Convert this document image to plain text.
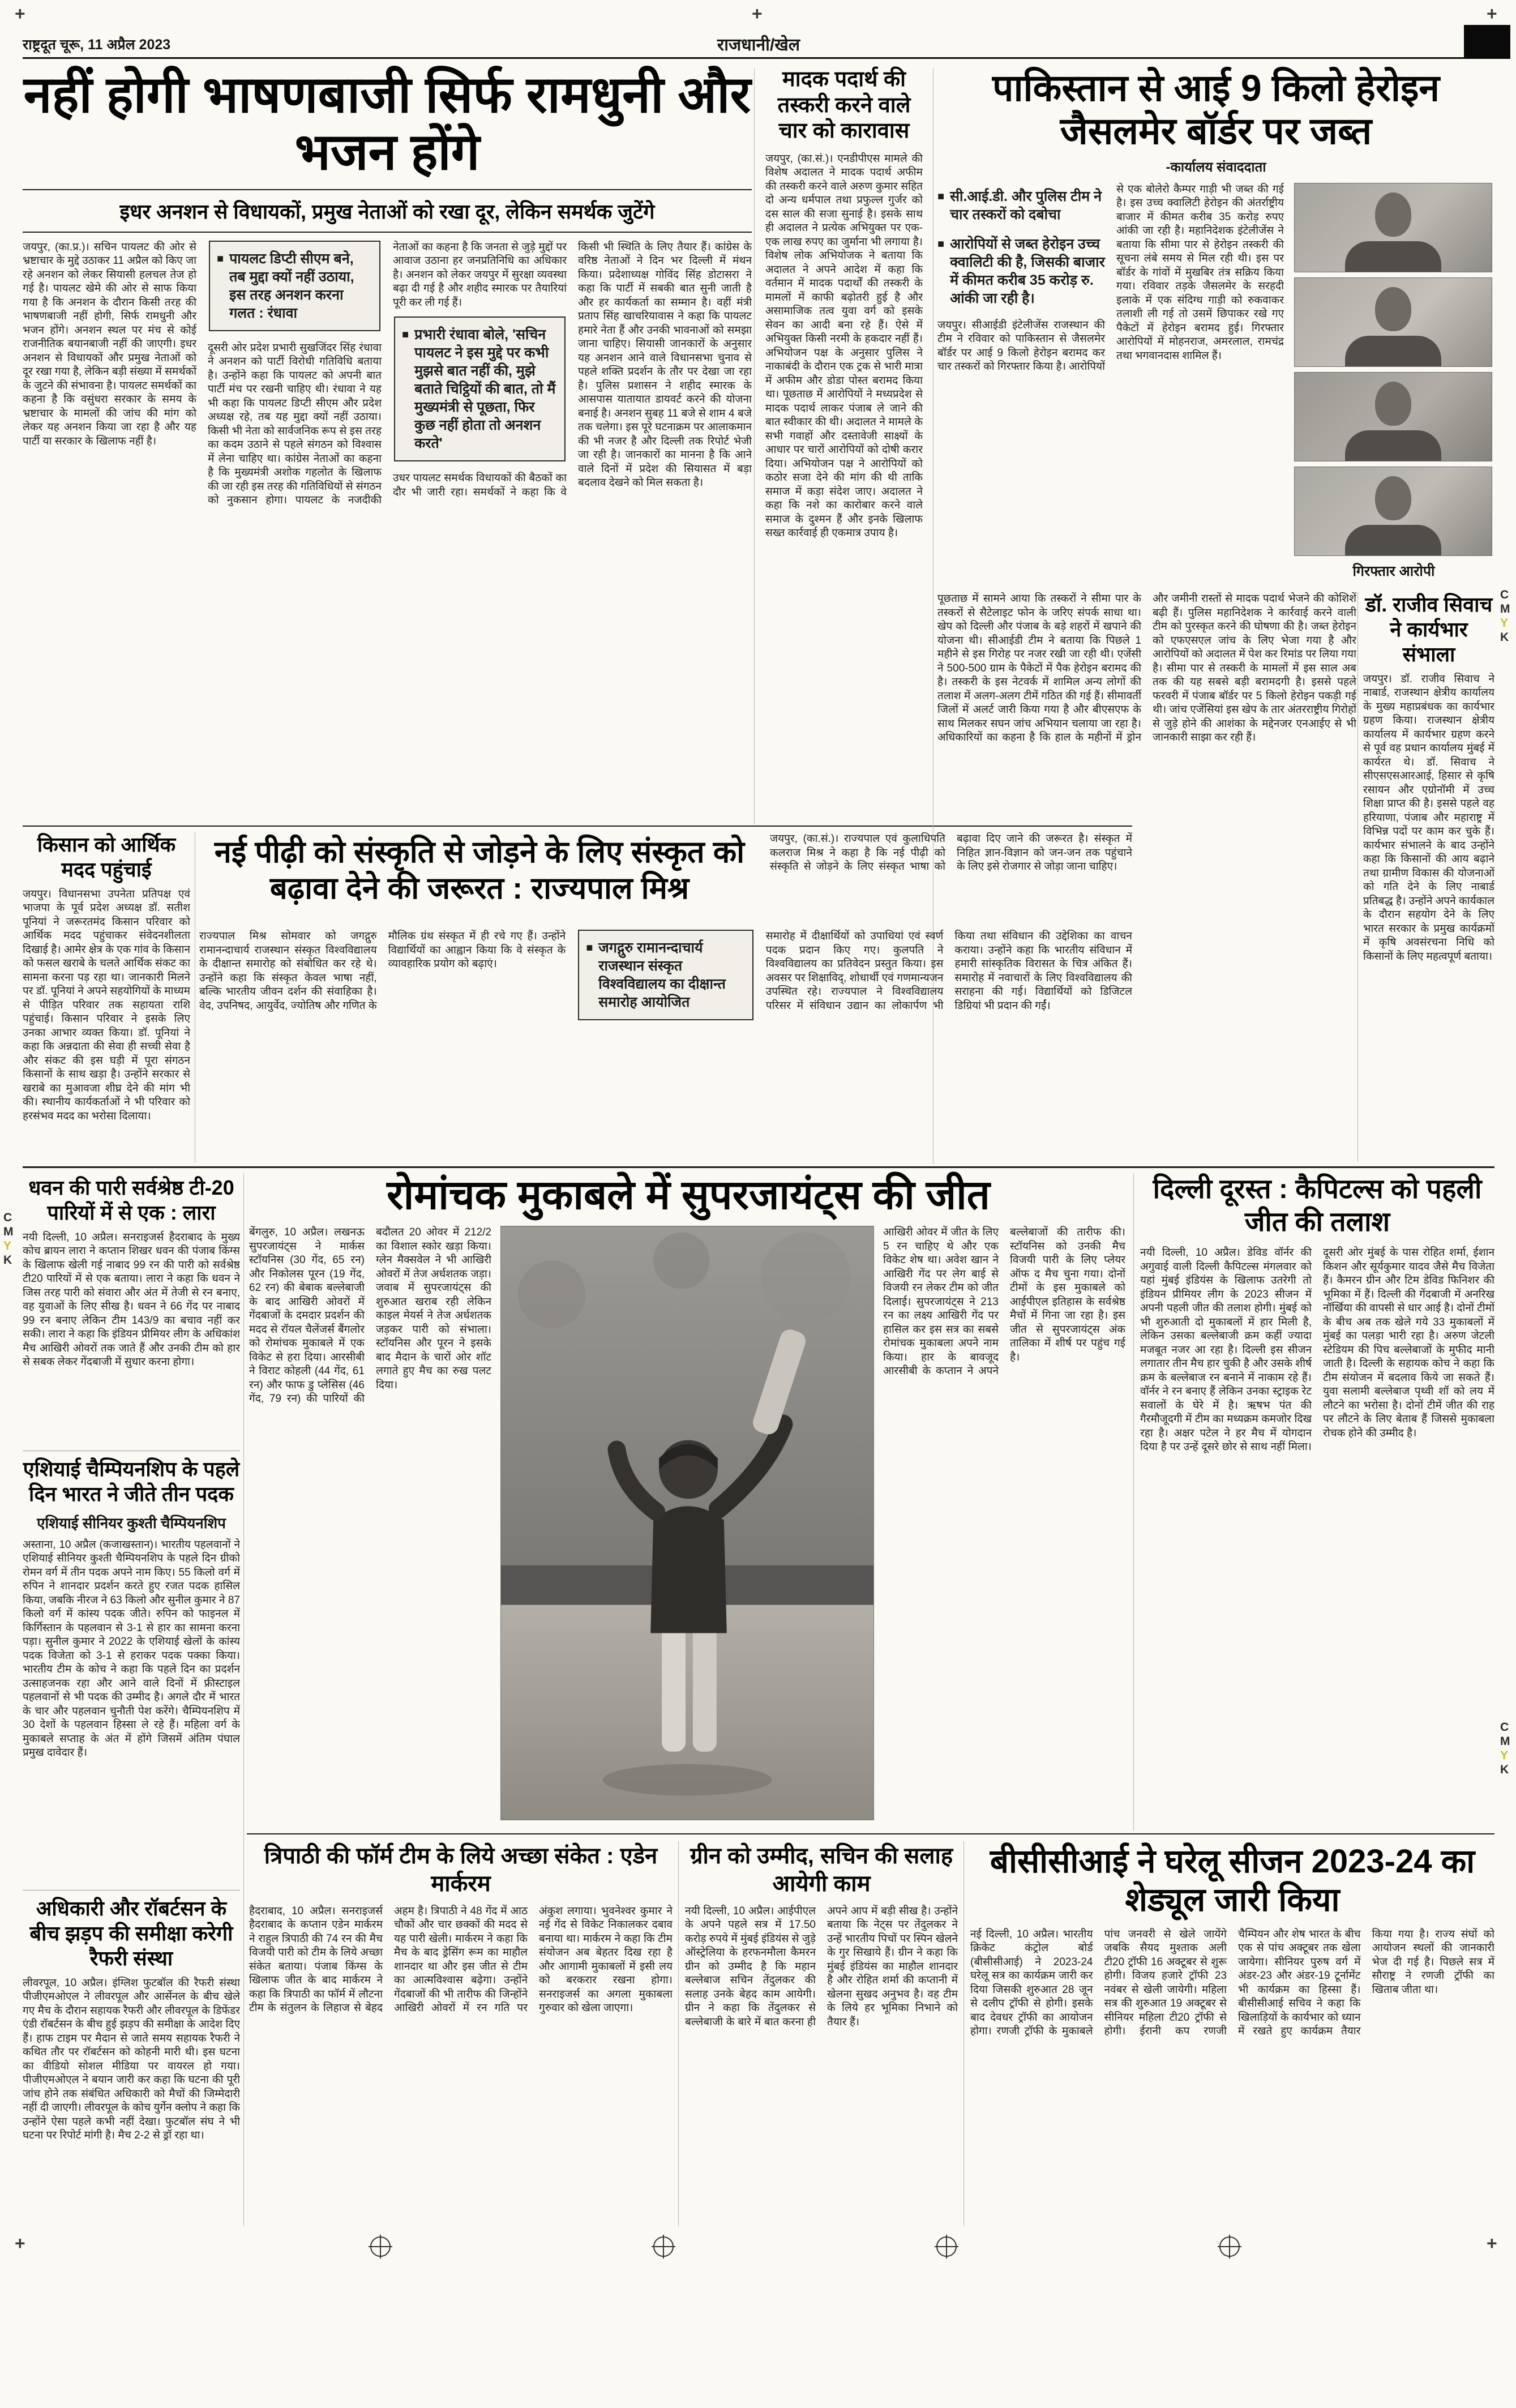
+	+	+
+	+
C
M
Y
K
C
M
Y
K
C
M
Y
K
राष्ट्रदूत चूरू, 11 अप्रैल 2023	राजधानी/खेल
नहीं होगी भाषणबाजी सिर्फ रामधुनी और भजन होंगे
इधर अनशन से विधायकों, प्रमुख नेताओं को रखा दूर, लेकिन समर्थक जुटेंगे

जयपुर, (का.प्र.)। सचिन पायलट की ओर से भ्रष्टाचार के मुद्दे उठाकर 11 अप्रैल को किए जा रहे अनशन को लेकर सियासी हलचल तेज हो गई है। पायलट खेमे की ओर से साफ किया गया है कि अनशन के दौरान किसी तरह की भाषणबाजी नहीं होगी, सिर्फ रामधुनी और भजन होंगे। अनशन स्थल पर मंच से कोई राजनीतिक बयानबाजी नहीं की जाएगी। इधर अनशन से विधायकों और प्रमुख नेताओं को दूर रखा गया है, लेकिन बड़ी संख्या में समर्थकों के जुटने की संभावना है। पायलट समर्थकों का कहना है कि वसुंधरा सरकार के समय के भ्रष्टाचार के मामलों की जांच की मांग को लेकर यह अनशन किया जा रहा है और यह पार्टी या सरकार के खिलाफ नहीं है।

■ पायलट डिप्टी सीएम बने, तब मुद्दा क्यों नहीं उठाया, इस तरह अनशन करना गलत : रंधावा

दूसरी ओर प्रदेश प्रभारी सुखजिंदर सिंह रंधावा ने अनशन को पार्टी विरोधी गतिविधि बताया है। उन्होंने कहा कि पायलट को अपनी बात पार्टी मंच पर रखनी चाहिए थी। रंधावा ने यह भी कहा कि पायलट डिप्टी सीएम और प्रदेश अध्यक्ष रहे, तब यह मुद्दा क्यों नहीं उठाया। किसी भी नेता को सार्वजनिक रूप से इस तरह का कदम उठाने से पहले संगठन को विश्वास में लेना चाहिए था। कांग्रेस नेताओं का कहना है कि मुख्यमंत्री अशोक गहलोत के खिलाफ की जा रही इस तरह की गतिविधियों से संगठन को नुकसान होगा। पायलट के नजदीकी नेताओं का कहना है कि जनता से जुड़े मुद्दों पर आवाज उठाना हर जनप्रतिनिधि का अधिकार है। अनशन को लेकर जयपुर में सुरक्षा व्यवस्था बढ़ा दी गई है और शहीद स्मारक पर तैयारियां पूरी कर ली गई हैं।

■ प्रभारी रंधावा बोले, 'सचिन पायलट ने इस मुद्दे पर कभी मुझसे बात नहीं की, मुझे बताते चिट्ठियों की बात, तो मैं मुख्यमंत्री से पूछता, फिर कुछ नहीं होता तो अनशन करते'

उधर पायलट समर्थक विधायकों की बैठकों का दौर भी जारी रहा। समर्थकों ने कहा कि वे किसी भी स्थिति के लिए तैयार हैं। कांग्रेस के वरिष्ठ नेताओं ने दिन भर दिल्ली में मंथन किया। प्रदेशाध्यक्ष गोविंद सिंह डोटासरा ने कहा कि पार्टी में सबकी बात सुनी जाती है और हर कार्यकर्ता का सम्मान है। वहीं मंत्री प्रताप सिंह खाचरियावास ने कहा कि पायलट हमारे नेता हैं और उनकी भावनाओं को समझा जाना चाहिए। सियासी जानकारों के अनुसार यह अनशन आने वाले विधानसभा चुनाव से पहले शक्ति प्रदर्शन के तौर पर देखा जा रहा है। पुलिस प्रशासन ने शहीद स्मारक के आसपास यातायात डायवर्ट करने की योजना बनाई है। अनशन सुबह 11 बजे से शाम 4 बजे तक चलेगा। इस पूरे घटनाक्रम पर आलाकमान की भी नजर है और दिल्ली तक रिपोर्ट भेजी जा रही है। जानकारों का मानना है कि आने वाले दिनों में प्रदेश की सियासत में बड़ा बदलाव देखने को मिल सकता है।

मादक पदार्थ की तस्करी करने वाले चार को कारावास
जयपुर, (का.सं.)। एनडीपीएस मामले की विशेष अदालत ने मादक पदार्थ अफीम की तस्करी करने वाले अरुण कुमार सहित दो अन्य धर्मपाल तथा प्रफुल्ल गुर्जर को दस साल की सजा सुनाई है। इसके साथ ही अदालत ने प्रत्येक अभियुक्त पर एक-एक लाख रुपए का जुर्माना भी लगाया है। विशेष लोक अभियोजक ने बताया कि अदालत ने अपने आदेश में कहा कि वर्तमान में मादक पदार्थों की तस्करी के मामलों में काफी बढ़ोतरी हुई है और असामाजिक तत्व युवा वर्ग को इसके सेवन का आदी बना रहे हैं। ऐसे में अभियुक्त किसी नरमी के हकदार नहीं हैं। अभियोजन पक्ष के अनुसार पुलिस ने नाकाबंदी के दौरान एक ट्रक से भारी मात्रा में अफीम और डोडा पोस्त बरामद किया था। पूछताछ में आरोपियों ने मध्यप्रदेश से मादक पदार्थ लाकर पंजाब ले जाने की बात स्वीकार की थी। अदालत ने मामले के सभी गवाहों और दस्तावेजी साक्ष्यों के आधार पर चारों आरोपियों को दोषी करार दिया। अभियोजन पक्ष ने आरोपियों को कठोर सजा देने की मांग की थी ताकि समाज में कड़ा संदेश जाए। अदालत ने कहा कि नशे का कारोबार करने वाले समाज के दुश्मन हैं और इनके खिलाफ सख्त कार्रवाई ही एकमात्र उपाय है।
पाकिस्तान से आई 9 किलो हेरोइन जैसलमेर बॉर्डर पर जब्त
-कार्यालय संवाददाता
■ सी.आई.डी. और पुलिस टीम ने चार तस्करों को दबोचा
■ आरोपियों से जब्त हेरोइन उच्च क्वालिटी की है, जिसकी बाजार में कीमत करीब 35 करोड़ रु. आंकी जा रही है।

जयपुर। सीआईडी इंटेलीजेंस राजस्थान की टीम ने रविवार को पाकिस्तान से जैसलमेर बॉर्डर पर आई 9 किलो हेरोइन बरामद कर चार तस्करों को गिरफ्तार किया है। आरोपियों से एक बोलेरो कैम्पर गाड़ी भी जब्त की गई है। इस उच्च क्वालिटी हेरोइन की अंतर्राष्ट्रीय बाजार में कीमत करीब 35 करोड़ रुपए आंकी जा रही है। महानिदेशक इंटेलीजेंस ने बताया कि सीमा पार से हेरोइन तस्करी की सूचना लंबे समय से मिल रही थी। इस पर बॉर्डर के गांवों में मुखबिर तंत्र सक्रिय किया गया। रविवार तड़के जैसलमेर के सरहदी इलाके में एक संदिग्ध गाड़ी को रुकवाकर तलाशी ली गई तो उसमें छिपाकर रखे गए पैकेटों में हेरोइन बरामद हुई। गिरफ्तार आरोपियों में मोहनराज, अमरलाल, रामचंद्र तथा भगवानदास शामिल हैं।

गिरफ्तार आरोपी
पूछताछ में सामने आया कि तस्करों ने सीमा पार के तस्करों से सैटेलाइट फोन के जरिए संपर्क साधा था। खेप को दिल्ली और पंजाब के बड़े शहरों में खपाने की योजना थी। सीआईडी टीम ने बताया कि पिछले 1 महीने से इस गिरोह पर नजर रखी जा रही थी। एजेंसी ने 500-500 ग्राम के पैकेटों में पैक हेरोइन बरामद की है। तस्करी के इस नेटवर्क में शामिल अन्य लोगों की तलाश में अलग-अलग टीमें गठित की गई हैं। सीमावर्ती जिलों में अलर्ट जारी किया गया है और बीएसएफ के साथ मिलकर सघन जांच अभियान चलाया जा रहा है। अधिकारियों का कहना है कि हाल के महीनों में ड्रोन और जमीनी रास्तों से मादक पदार्थ भेजने की कोशिशें बढ़ी हैं। पुलिस महानिदेशक ने कार्रवाई करने वाली टीम को पुरस्कृत करने की घोषणा की है। जब्त हेरोइन को एफएसएल जांच के लिए भेजा गया है और आरोपियों को अदालत में पेश कर रिमांड पर लिया गया है। सीमा पार से तस्करी के मामलों में इस साल अब तक की यह सबसे बड़ी बरामदगी है। इससे पहले फरवरी में पंजाब बॉर्डर पर 5 किलो हेरोइन पकड़ी गई थी। जांच एजेंसियां इस खेप के तार अंतरराष्ट्रीय गिरोहों से जुड़े होने की आशंका के मद्देनजर एनआईए से भी जानकारी साझा कर रही हैं।
डॉ. राजीव सिवाच ने कार्यभार संभाला
जयपुर। डॉ. राजीव सिवाच ने नाबार्ड, राजस्थान क्षेत्रीय कार्यालय के मुख्य महाप्रबंधक का कार्यभार ग्रहण किया। राजस्थान क्षेत्रीय कार्यालय में कार्यभार ग्रहण करने से पूर्व वह प्रधान कार्यालय मुंबई में कार्यरत थे। डॉ. सिवाच ने सीएसएसआरआई, हिसार से कृषि रसायन और एग्रोनॉमी में उच्च शिक्षा प्राप्त की है। इससे पहले वह हरियाणा, पंजाब और महाराष्ट्र में विभिन्न पदों पर काम कर चुके हैं। कार्यभार संभालने के बाद उन्होंने कहा कि किसानों की आय बढ़ाने तथा ग्रामीण विकास की योजनाओं को गति देने के लिए नाबार्ड प्रतिबद्ध है। उन्होंने अपने कार्यकाल के दौरान सहयोग देने के लिए भारत सरकार के प्रमुख कार्यक्रमों में कृषि अवसंरचना निधि को किसानों के लिए महत्वपूर्ण बताया।
किसान को आर्थिक मदद पहुंचाई
जयपुर। विधानसभा उपनेता प्रतिपक्ष एवं भाजपा के पूर्व प्रदेश अध्यक्ष डॉ. सतीश पूनियां ने जरूरतमंद किसान परिवार को आर्थिक मदद पहुंचाकर संवेदनशीलता दिखाई है। आमेर क्षेत्र के एक गांव के किसान को फसल खराबे के चलते आर्थिक संकट का सामना करना पड़ रहा था। जानकारी मिलने पर डॉ. पूनियां ने अपने सहयोगियों के माध्यम से पीड़ित परिवार तक सहायता राशि पहुंचाई। किसान परिवार ने इसके लिए उनका आभार व्यक्त किया। डॉ. पूनियां ने कहा कि अन्नदाता की सेवा ही सच्ची सेवा है और संकट की इस घड़ी में पूरा संगठन किसानों के साथ खड़ा है। उन्होंने सरकार से खराबे का मुआवजा शीघ्र देने की मांग भी की। स्थानीय कार्यकर्ताओं ने भी परिवार को हरसंभव मदद का भरोसा दिलाया।
नई पीढ़ी को संस्कृति से जोड़ने के लिए संस्कृत को बढ़ावा देने की जरूरत : राज्यपाल मिश्र
जयपुर, (का.सं.)। राज्यपाल एवं कुलाधिपति कलराज मिश्र ने कहा है कि नई पीढ़ी को संस्कृति से जोड़ने के लिए संस्कृत भाषा को बढ़ावा दिए जाने की जरूरत है। संस्कृत में निहित ज्ञान-विज्ञान को जन-जन तक पहुंचाने के लिए इसे रोजगार से जोड़ा जाना चाहिए।

राज्यपाल मिश्र सोमवार को जगद्गुरु रामानन्दाचार्य राजस्थान संस्कृत विश्वविद्यालय के दीक्षान्त समारोह को संबोधित कर रहे थे। उन्होंने कहा कि संस्कृत केवल भाषा नहीं, बल्कि भारतीय जीवन दर्शन की संवाहिका है। वेद, उपनिषद, आयुर्वेद, ज्योतिष और गणित के मौलिक ग्रंथ संस्कृत में ही रचे गए हैं। उन्होंने विद्यार्थियों का आह्वान किया कि वे संस्कृत के व्यावहारिक प्रयोग को बढ़ाएं।

■ जगद्गुरु रामानन्दाचार्य राजस्थान संस्कृत विश्वविद्यालय का दीक्षान्त समारोह आयोजित

समारोह में दीक्षार्थियों को उपाधियां एवं स्वर्ण पदक प्रदान किए गए। कुलपति ने विश्वविद्यालय का प्रतिवेदन प्रस्तुत किया। इस अवसर पर शिक्षाविद्, शोधार्थी एवं गणमान्यजन उपस्थित रहे। राज्यपाल ने विश्वविद्यालय परिसर में संविधान उद्यान का लोकार्पण भी किया तथा संविधान की उद्देशिका का वाचन कराया। उन्होंने कहा कि भारतीय संविधान में हमारी सांस्कृतिक विरासत के चित्र अंकित हैं। समारोह में नवाचारों के लिए विश्वविद्यालय की सराहना की गई। विद्यार्थियों को डिजिटल डिग्रियां भी प्रदान की गईं।

धवन की पारी सर्वश्रेष्ठ टी-20 पारियों में से एक : लारा
नयी दिल्ली, 10 अप्रैल। सनराइजर्स हैदराबाद के मुख्य कोच ब्रायन लारा ने कप्तान शिखर धवन की पंजाब किंग्स के खिलाफ खेली गई नाबाद 99 रन की पारी को सर्वश्रेष्ठ टी20 पारियों में से एक बताया। लारा ने कहा कि धवन ने जिस तरह पारी को संवारा और अंत में तेजी से रन बनाए, वह युवाओं के लिए सीख है। धवन ने 66 गेंद पर नाबाद 99 रन बनाए लेकिन टीम 143/9 का बचाव नहीं कर सकी। लारा ने कहा कि इंडियन प्रीमियर लीग के अधिकांश मैच आखिरी ओवरों तक जाते हैं और उनकी टीम को हार से सबक लेकर गेंदबाजी में सुधार करना होगा।
एशियाई चैम्पियनशिप के पहले दिन भारत ने जीते तीन पदक
एशियाई सीनियर कुश्ती चैम्पियनशिप
अस्ताना, 10 अप्रैल (कजाखस्तान)। भारतीय पहलवानों ने एशियाई सीनियर कुश्ती चैम्पियनशिप के पहले दिन ग्रीको रोमन वर्ग में तीन पदक अपने नाम किए। 55 किलो वर्ग में रुपिन ने शानदार प्रदर्शन करते हुए रजत पदक हासिल किया, जबकि नीरज ने 63 किलो और सुनील कुमार ने 87 किलो वर्ग में कांस्य पदक जीते। रुपिन को फाइनल में किर्गिस्तान के पहलवान से 3-1 से हार का सामना करना पड़ा। सुनील कुमार ने 2022 के एशियाई खेलों के कांस्य पदक विजेता को 3-1 से हराकर पदक पक्का किया। भारतीय टीम के कोच ने कहा कि पहले दिन का प्रदर्शन उत्साहजनक रहा और आने वाले दिनों में फ्रीस्टाइल पहलवानों से भी पदक की उम्मीद है। अगले दौर में भारत के चार और पहलवान चुनौती पेश करेंगे। चैम्पियनशिप में 30 देशों के पहलवान हिस्सा ले रहे हैं। महिला वर्ग के मुकाबले सप्ताह के अंत में होंगे जिसमें अंतिम पंघाल प्रमुख दावेदार हैं।
अधिकारी और रॉबर्टसन के बीच झड़प की समीक्षा करेगी रैफरी संस्था
लीवरपूल, 10 अप्रैल। इंग्लिश फुटबॉल की रैफरी संस्था पीजीएमओएल ने लीवरपूल और आर्सेनल के बीच खेले गए मैच के दौरान सहायक रैफरी और लीवरपूल के डिफेंडर एंडी रॉबर्टसन के बीच हुई झड़प की समीक्षा के आदेश दिए हैं। हाफ टाइम पर मैदान से जाते समय सहायक रैफरी ने कथित तौर पर रॉबर्टसन को कोहनी मारी थी। इस घटना का वीडियो सोशल मीडिया पर वायरल हो गया। पीजीएमओएल ने बयान जारी कर कहा कि घटना की पूरी जांच होने तक संबंधित अधिकारी को मैचों की जिम्मेदारी नहीं दी जाएगी। लीवरपूल के कोच युर्गेन क्लोप ने कहा कि उन्होंने ऐसा पहले कभी नहीं देखा। फुटबॉल संघ ने भी घटना पर रिपोर्ट मांगी है। मैच 2-2 से ड्रॉ रहा था।
रोमांचक मुकाबले में सुपरजायंट्स की जीत
बेंगलुरु, 10 अप्रैल। लखनऊ सुपरजायंट्स ने मार्कस स्टॉयनिस (30 गेंद, 65 रन) और निकोलस पूरन (19 गेंद, 62 रन) की बेबाक बल्लेबाजी के बाद आखिरी ओवरों में गेंदबाजों के दमदार प्रदर्शन की मदद से रॉयल चैलेंजर्स बैंगलोर को रोमांचक मुकाबले में एक विकेट से हरा दिया। आरसीबी ने विराट कोहली (44 गेंद, 61 रन) और फाफ डु प्लेसिस (46 गेंद, 79 रन) की पारियों की बदौलत 20 ओवर में 212/2 का विशाल स्कोर खड़ा किया। ग्लेन मैक्सवेल ने भी आखिरी ओवरों में तेज अर्धशतक जड़ा। जवाब में सुपरजायंट्स की शुरुआत खराब रही लेकिन काइल मेयर्स ने तेज अर्धशतक जड़कर पारी को संभाला। स्टॉयनिस और पूरन ने इसके बाद मैदान के चारों ओर शॉट लगाते हुए मैच का रुख पलट दिया।
आखिरी ओवर में जीत के लिए 5 रन चाहिए थे और एक विकेट शेष था। अवेश खान ने आखिरी गेंद पर लेग बाई से विजयी रन लेकर टीम को जीत दिलाई। सुपरजायंट्स ने 213 रन का लक्ष्य आखिरी गेंद पर हासिल कर इस सत्र का सबसे रोमांचक मुकाबला अपने नाम किया। हार के बावजूद आरसीबी के कप्तान ने अपने बल्लेबाजों की तारीफ की। स्टॉयनिस को उनकी मैच विजयी पारी के लिए प्लेयर ऑफ द मैच चुना गया। दोनों टीमों के इस मुकाबले को आईपीएल इतिहास के सर्वश्रेष्ठ मैचों में गिना जा रहा है। इस जीत से सुपरजायंट्स अंक तालिका में शीर्ष पर पहुंच गई है।
दिल्ली दूरस्त : कैपिटल्स को पहली जीत की तलाश
नयी दिल्ली, 10 अप्रैल। डेविड वॉर्नर की अगुवाई वाली दिल्ली कैपिटल्स मंगलवार को यहां मुंबई इंडियंस के खिलाफ उतरेगी तो इंडियन प्रीमियर लीग के 2023 सीजन में अपनी पहली जीत की तलाश होगी। मुंबई को भी शुरुआती दो मुकाबलों में हार मिली है, लेकिन उसका बल्लेबाजी क्रम कहीं ज्यादा मजबूत नजर आ रहा है। दिल्ली इस सीजन लगातार तीन मैच हार चुकी है और उसके शीर्ष क्रम के बल्लेबाज रन बनाने में नाकाम रहे हैं। वॉर्नर ने रन बनाए हैं लेकिन उनका स्ट्राइक रेट सवालों के घेरे में है। ऋषभ पंत की गैरमौजूदगी में टीम का मध्यक्रम कमजोर दिख रहा है। अक्षर पटेल ने हर मैच में योगदान दिया है पर उन्हें दूसरे छोर से साथ नहीं मिला। दूसरी ओर मुंबई के पास रोहित शर्मा, ईशान किशन और सूर्यकुमार यादव जैसे मैच विजेता हैं। कैमरन ग्रीन और टिम डेविड फिनिशर की भूमिका में हैं। दिल्ली की गेंदबाजी में अनरिख नॉर्खिया की वापसी से धार आई है। दोनों टीमों के बीच अब तक खेले गये 33 मुकाबलों में मुंबई का पलड़ा भारी रहा है। अरुण जेटली स्टेडियम की पिच बल्लेबाजों के मुफीद मानी जाती है। दिल्ली के सहायक कोच ने कहा कि टीम संयोजन में बदलाव किये जा सकते हैं। युवा सलामी बल्लेबाज पृथ्वी शॉ को लय में लौटने का भरोसा है। दोनों टीमें जीत की राह पर लौटने के लिए बेताब हैं जिससे मुकाबला रोचक होने की उम्मीद है।
त्रिपाठी की फॉर्म टीम के लिये अच्छा संकेत : एडेन मार्करम
हैदराबाद, 10 अप्रैल। सनराइजर्स हैदराबाद के कप्तान एडेन मार्करम ने राहुल त्रिपाठी की 74 रन की मैच विजयी पारी को टीम के लिये अच्छा संकेत बताया। पंजाब किंग्स के खिलाफ जीत के बाद मार्करम ने कहा कि त्रिपाठी का फॉर्म में लौटना टीम के संतुलन के लिहाज से बेहद अहम है। त्रिपाठी ने 48 गेंद में आठ चौकों और चार छक्कों की मदद से यह पारी खेली। मार्करम ने कहा कि मैच के बाद ड्रेसिंग रूम का माहौल शानदार था और इस जीत से टीम का आत्मविश्वास बढ़ेगा। उन्होंने गेंदबाजों की भी तारीफ की जिन्होंने आखिरी ओवरों में रन गति पर अंकुश लगाया। भुवनेश्वर कुमार ने नई गेंद से विकेट निकालकर दबाव बनाया था। मार्करम ने कहा कि टीम संयोजन अब बेहतर दिख रहा है और आगामी मुकाबलों में इसी लय को बरकरार रखना होगा। सनराइजर्स का अगला मुकाबला गुरुवार को खेला जाएगा।
ग्रीन को उम्मीद, सचिन की सलाह आयेगी काम
नयी दिल्ली, 10 अप्रैल। आईपीएल के अपने पहले सत्र में 17.50 करोड़ रुपये में मुंबई इंडियंस से जुड़े ऑस्ट्रेलिया के हरफनमौला कैमरन ग्रीन को उम्मीद है कि महान बल्लेबाज सचिन तेंदुलकर की सलाह उनके बेहद काम आयेगी। ग्रीन ने कहा कि तेंदुलकर से बल्लेबाजी के बारे में बात करना ही अपने आप में बड़ी सीख है। उन्होंने बताया कि नेट्स पर तेंदुलकर ने उन्हें भारतीय पिचों पर स्पिन खेलने के गुर सिखाये हैं। ग्रीन ने कहा कि मुंबई इंडियंस का माहौल शानदार है और रोहित शर्मा की कप्तानी में खेलना सुखद अनुभव है। वह टीम के लिये हर भूमिका निभाने को तैयार हैं।
बीसीसीआई ने घरेलू सीजन 2023-24 का शेड्यूल जारी किया
नई दिल्ली, 10 अप्रैल। भारतीय क्रिकेट कंट्रोल बोर्ड (बीसीसीआई) ने 2023-24 घरेलू सत्र का कार्यक्रम जारी कर दिया जिसकी शुरुआत 28 जून से दलीप ट्रॉफी से होगी। इसके बाद देवधर ट्रॉफी का आयोजन होगा। रणजी ट्रॉफी के मुकाबले पांच जनवरी से खेले जायेंगे जबकि सैयद मुश्ताक अली टी20 ट्रॉफी 16 अक्टूबर से शुरू होगी। विजय हजारे ट्रॉफी 23 नवंबर से खेली जायेगी। महिला सत्र की शुरुआत 19 अक्टूबर से सीनियर महिला टी20 ट्रॉफी से होगी। ईरानी कप रणजी चैम्पियन और शेष भारत के बीच एक से पांच अक्टूबर तक खेला जायेगा। सीनियर पुरुष वर्ग में अंडर-23 और अंडर-19 टूर्नामेंट भी कार्यक्रम का हिस्सा हैं। बीसीसीआई सचिव ने कहा कि खिलाड़ियों के कार्यभार को ध्यान में रखते हुए कार्यक्रम तैयार किया गया है। राज्य संघों को आयोजन स्थलों की जानकारी भेज दी गई है। पिछले सत्र में सौराष्ट्र ने रणजी ट्रॉफी का खिताब जीता था।
